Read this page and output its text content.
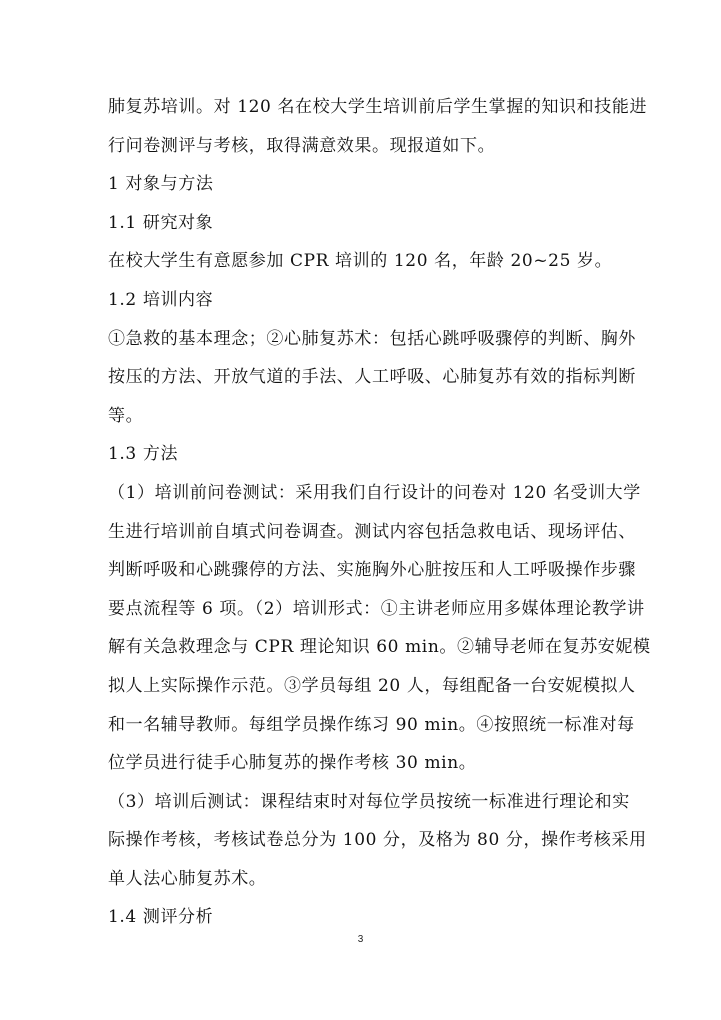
肺复苏培训。对 120 名在校大学生培训前后学生掌握的知识和技能进
行问卷测评与考核，取得满意效果。现报道如下。
1 对象与方法
1.1 研究对象
在校大学生有意愿参加 CPR 培训的 120 名，年龄 20~25 岁。
1.2 培训内容
①急救的基本理念；②心肺复苏术：包括心跳呼吸骤停的判断、胸外
按压的方法、开放气道的手法、人工呼吸、心肺复苏有效的指标判断
等。
1.3 方法
（1）培训前问卷测试：采用我们自行设计的问卷对 120 名受训大学
生进行培训前自填式问卷调查。测试内容包括急救电话、现场评估、
判断呼吸和心跳骤停的方法、实施胸外心脏按压和人工呼吸操作步骤
要点流程等 6 项。（2）培训形式：①主讲老师应用多媒体理论教学讲
解有关急救理念与 CPR 理论知识 60 min。②辅导老师在复苏安妮模
拟人上实际操作示范。③学员每组 20 人，每组配备一台安妮模拟人
和一名辅导教师。每组学员操作练习 90 min。④按照统一标准对每
位学员进行徒手心肺复苏的操作考核 30 min。
（3）培训后测试：课程结束时对每位学员按统一标准进行理论和实
际操作考核，考核试卷总分为 100 分，及格为 80 分，操作考核采用
单人法心肺复苏术。
1.4 测评分析
3
